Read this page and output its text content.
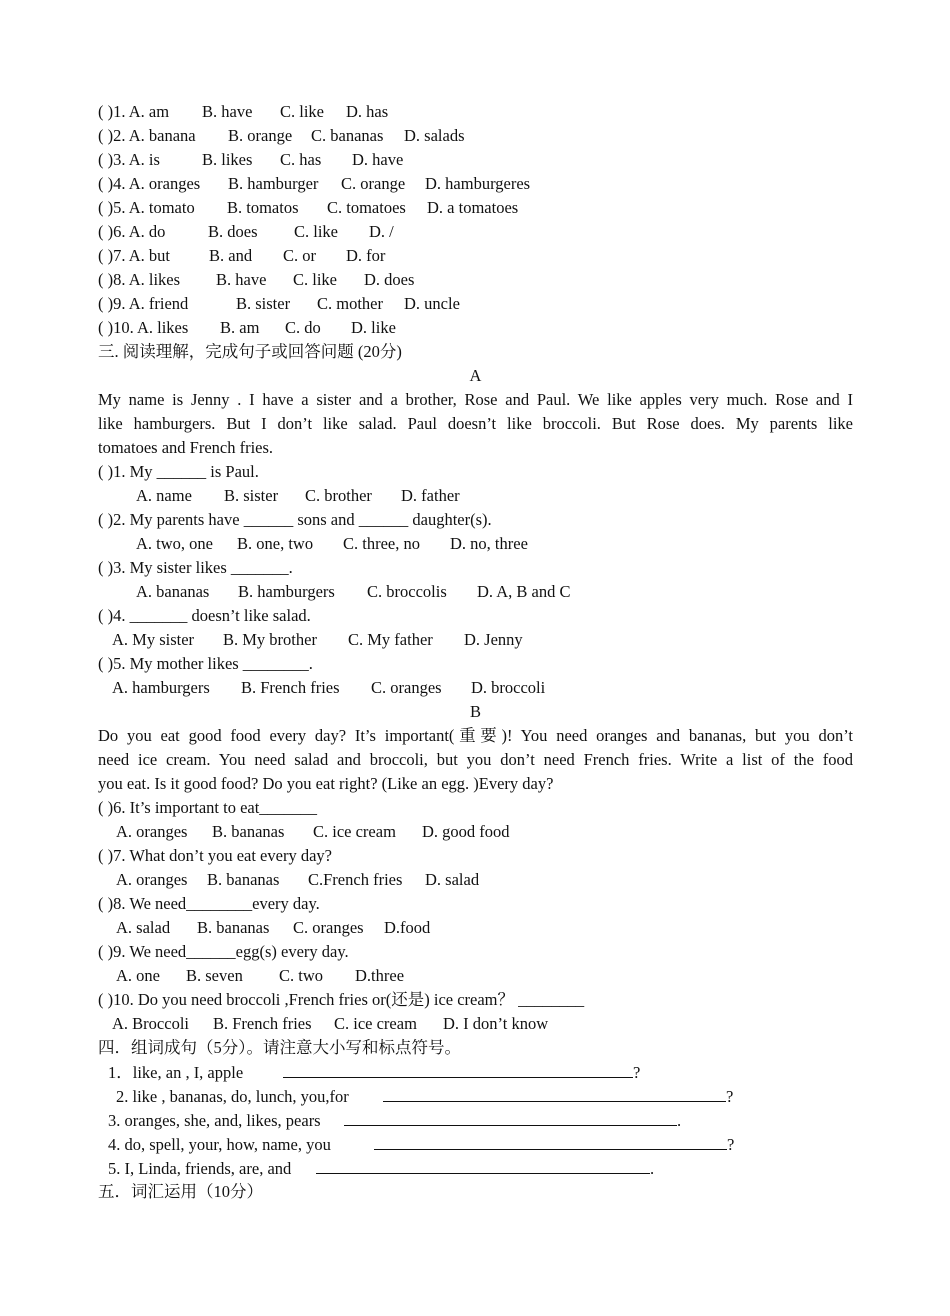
( )1. A. am B. have C. like D. has
( )2. A. banana B. orange C. bananas D. salads
( )3. A. is	B. likes C. has D. have
( )4. A. oranges B. hamburger C. orange D. hamburgeres
( )5. A. tomato B. tomatos C. tomatoes D. a tomatoes
( )6. A. do	B. does C. like D. /
( )7. A. but B. and C. or D. for
( )8. A. likes B. have C. like D. does
( )9. A. friend	B. sister C. mother D. uncle
( )10. A. likes B. am C. do D. like
三. 阅读理解，完成句子或回答问题 (20分)
A
My name is Jenny . I have a sister and a brother, Rose and Paul. We like apples very much. Rose and I
like hamburgers. But I don’t like salad. Paul doesn’t like broccoli. But Rose does. My parents like
tomatoes and French fries.
( )1. My ______ is Paul.
A. name B. sister C. brother D. father
( )2. My parents have ______ sons and ______ daughter(s).
A. two, one B. one, two C. three, no D. no, three
( )3. My sister likes _______.
A. bananas B. hamburgers C. broccolis D. A, B and C
( )4. _______ doesn’t like salad.
A. My sister B. My brother C. My father D. Jenny
( )5. My mother likes ________.
A. hamburgers B. French fries C. oranges D. broccoli
B
Do you eat good food every day? It’s important(重要)! You need oranges and bananas, but you don’t
need ice cream. You need salad and broccoli, but you don’t need French fries. Write a list of the food
you eat. Is it good food? Do you eat right? (Like an egg. )Every day?
( )6. It’s important to eat_______
A. oranges B. bananas C. ice cream D. good food
( )7. What don’t you eat every day?
A. oranges B. bananas C.French fries D. salad
( )8. We need________every day.
A. salad B. bananas C. oranges D.food
( )9. We need______egg(s) every day.
A. one B. seven C. two D.three
( )10. Do you need broccoli ,French fries or(还是) ice cream？ ________
A. Broccoli B. French fries C. ice cream D. I don’t know
四．组词成句（5分）。请注意大小写和标点符号。
1．like, an , I, apple	?
2. like , bananas, do, lunch, you,for	?
3. oranges, she, and, likes, pears	.
4. do, spell, your, how, name, you	?
5. I, Linda, friends, are, and	.
五．词汇运用（10分）
